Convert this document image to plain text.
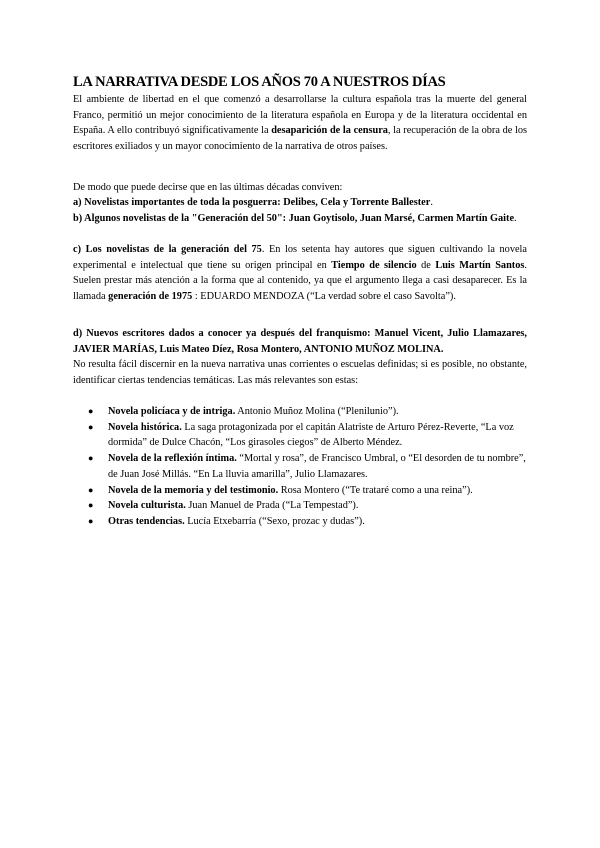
LA NARRATIVA DESDE LOS AÑOS 70 A NUESTROS DÍAS

El ambiente de libertad en el que comenzó a desarrollarse la cultura española tras la muerte del general Franco, permitió un mejor conocimiento de la literatura española en Europa y de la literatura occidental en España. A ello contribuyó significativamente la desaparición de la censura, la recuperación de la obra de los escritores exiliados y un mayor conocimiento de la narrativa de otros países.

De modo que puede decirse que en las últimas décadas conviven:

a) Novelistas importantes de toda la posguerra: Delibes, Cela y Torrente Ballester.

b) Algunos novelistas de la "Generación del 50": Juan Goytisolo, Juan Marsé, Carmen Martín Gaite.

c) Los novelistas de la generación del 75. En los setenta hay autores que siguen cultivando la novela experimental e intelectual que tiene su origen principal en Tiempo de silencio de Luis Martín Santos. Suelen prestar más atención a la forma que al contenido, ya que el argumento llega a casi desaparecer. Es la llamada generación de 1975 : EDUARDO MENDOZA (“La verdad sobre el caso Savolta”).

d) Nuevos escritores dados a conocer ya después del franquismo: Manuel Vicent, Julio Llamazares, JAVIER MARÍAS, Luis Mateo Díez, Rosa Montero, ANTONIO MUÑOZ MOLINA.

No resulta fácil discernir en la nueva narrativa unas corrientes o escuelas definidas; si es posible, no obstante, identificar ciertas tendencias temáticas. Las más relevantes son estas:

● Novela policíaca y de intriga. Antonio Muñoz Molina (“Plenilunio”).
● Novela histórica. La saga protagonizada por el capitán Alatriste de Arturo Pérez-Reverte, “La voz dormida” de Dulce Chacón, “Los girasoles ciegos” de Alberto Méndez.
● Novela de la reflexión íntima. “Mortal y rosa”, de Francisco Umbral, o “El desorden de tu nombre”, de Juan José Millás. “En La lluvia amarilla”, Julio Llamazares.
● Novela de la memoria y del testimonio. Rosa Montero (“Te trataré como a una reina”).
● Novela culturista. Juan Manuel de Prada (“La Tempestad”).
● Otras tendencias. Lucía Etxebarría (“Sexo, prozac y dudas”).
